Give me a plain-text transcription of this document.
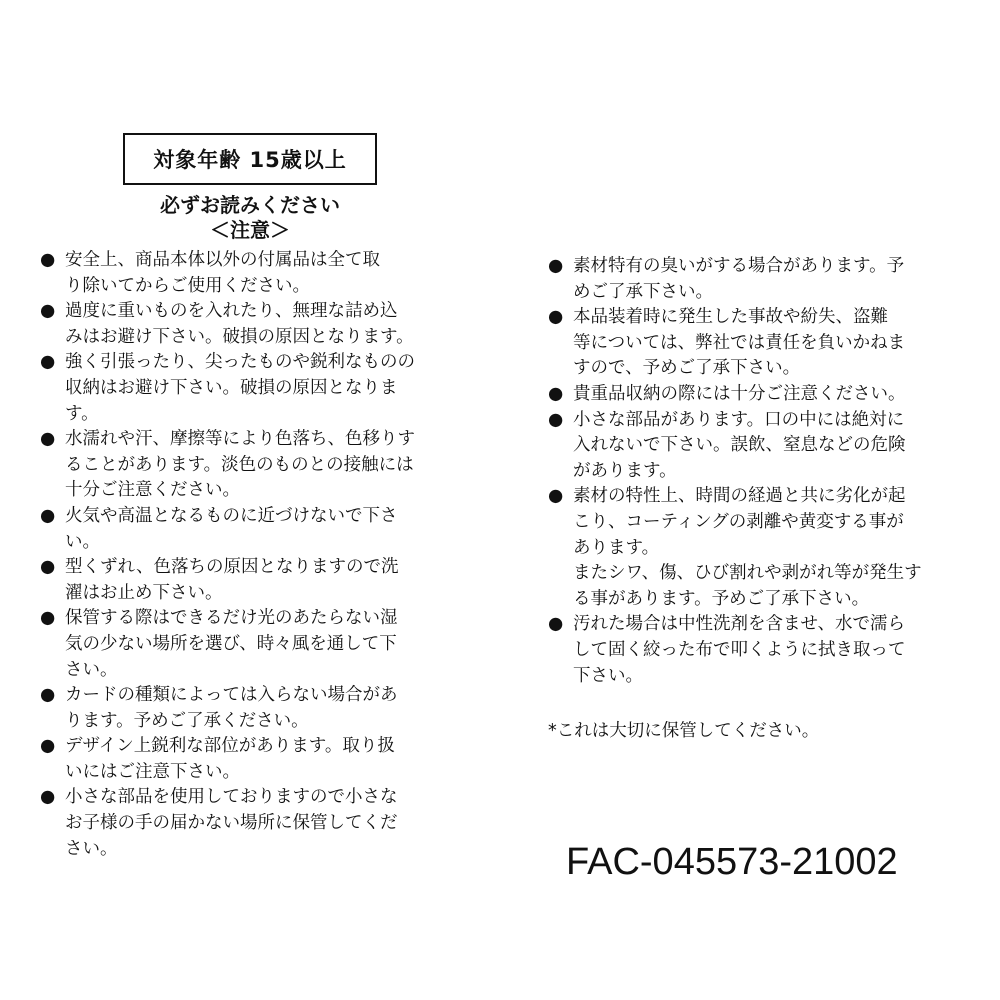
対象年齢 15歳以上
必ずお読みください
＜注意＞
● 安全上、商品本体以外の付属品は全て取
り除いてからご使用ください。
● 過度に重いものを入れたり、無理な詰め込
みはお避け下さい。破損の原因となります。
● 強く引張ったり、尖ったものや鋭利なものの
収納はお避け下さい。破損の原因となりま
す。
● 水濡れや汗、摩擦等により色落ち、色移りす
ることがあります。淡色のものとの接触には
十分ご注意ください。
● 火気や高温となるものに近づけないで下さ
い。
● 型くずれ、色落ちの原因となりますので洗
濯はお止め下さい。
● 保管する際はできるだけ光のあたらない湿
気の少ない場所を選び、時々風を通して下
さい。
● カードの種類によっては入らない場合があ
ります。予めご了承ください。
● デザイン上鋭利な部位があります。取り扱
いにはご注意下さい。
● 小さな部品を使用しておりますので小さな
お子様の手の届かない場所に保管してくだ
さい。
● 素材特有の臭いがする場合があります。予
めご了承下さい。
● 本品装着時に発生した事故や紛失、盗難
等については、弊社では責任を負いかねま
すので、予めご了承下さい。
● 貴重品収納の際には十分ご注意ください。
● 小さな部品があります。口の中には絶対に
入れないで下さい。誤飲、窒息などの危険
があります。
● 素材の特性上、時間の経過と共に劣化が起
こり、コーティングの剥離や黄変する事が
あります。
またシワ、傷、ひび割れや剥がれ等が発生す
る事があります。予めご了承下さい。
● 汚れた場合は中性洗剤を含ませ、水で濡ら
して固く絞った布で叩くように拭き取って
下さい。
*これは大切に保管してください。
FAC-045573-21002
